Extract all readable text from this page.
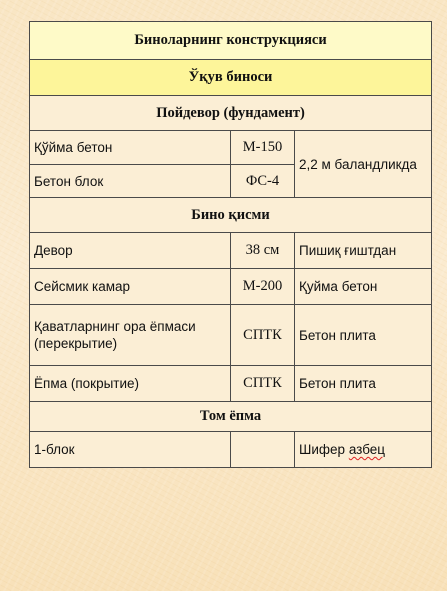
Биноларнинг конструкцияси		
Ўқув биноси		
Пойдевор (фундамент)		
Қўйма бетон	М-150	2,2 м баландликда
Бетон блок	ФС-4	
Бино қисми		
Девор	38 см	Пишиқ ғиштдан
Сейсмик камар	М-200	Қуйма бетон
Қаватларнинг ора ёпмаси (перекрытие)	СПТК	Бетон плита
Ёпма (покрытие)	СПТК	Бетон плита
Том ёпма		
1-блок		Шифер азбец
